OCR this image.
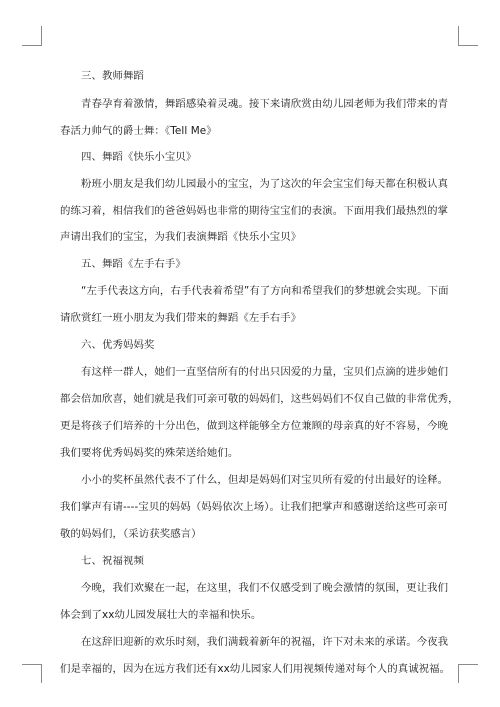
三、教师舞蹈
青春孕育着激情，舞蹈感染着灵魂。接下来请欣赏由幼儿园老师为我们带来的青
春活力帅气的爵士舞：《Tell Me》
四、舞蹈《快乐小宝贝》
粉班小朋友是我们幼儿园最小的宝宝，为了这次的年会宝宝们每天都在积极认真
的练习着，相信我们的爸爸妈妈也非常的期待宝宝们的表演。下面用我们最热烈的掌
声请出我们的宝宝，为我们表演舞蹈《快乐小宝贝》
五、舞蹈《左手右手》
“左手代表这方向，右手代表着希望”有了方向和希望我们的梦想就会实现。下面
请欣赏红一班小朋友为我们带来的舞蹈《左手右手》
六、优秀妈妈奖
有这样一群人，她们一直坚信所有的付出只因爱的力量，宝贝们点滴的进步她们
都会倍加欣喜，她们就是我们可亲可敬的妈妈们，这些妈妈们不仅自己做的非常优秀，
更是将孩子们培养的十分出色，做到这样能够全方位兼顾的母亲真的好不容易，今晚
我们要将优秀妈妈奖的殊荣送给她们。
小小的奖杯虽然代表不了什么，但却是妈妈们对宝贝所有爱的付出最好的诠释。
我们掌声有请----宝贝的妈妈（妈妈依次上场）。让我们把掌声和感谢送给这些可亲可
敬的妈妈们，（采访获奖感言）
七、祝福视频
今晚，我们欢聚在一起，在这里，我们不仅感受到了晚会激情的氛围，更让我们
体会到了xx幼儿园发展壮大的幸福和快乐。
在这辞旧迎新的欢乐时刻，我们满载着新年的祝福，许下对未来的承诺。今夜我
们是幸福的，因为在远方我们还有xx幼儿园家人们用视频传递对每个人的真诚祝福。
